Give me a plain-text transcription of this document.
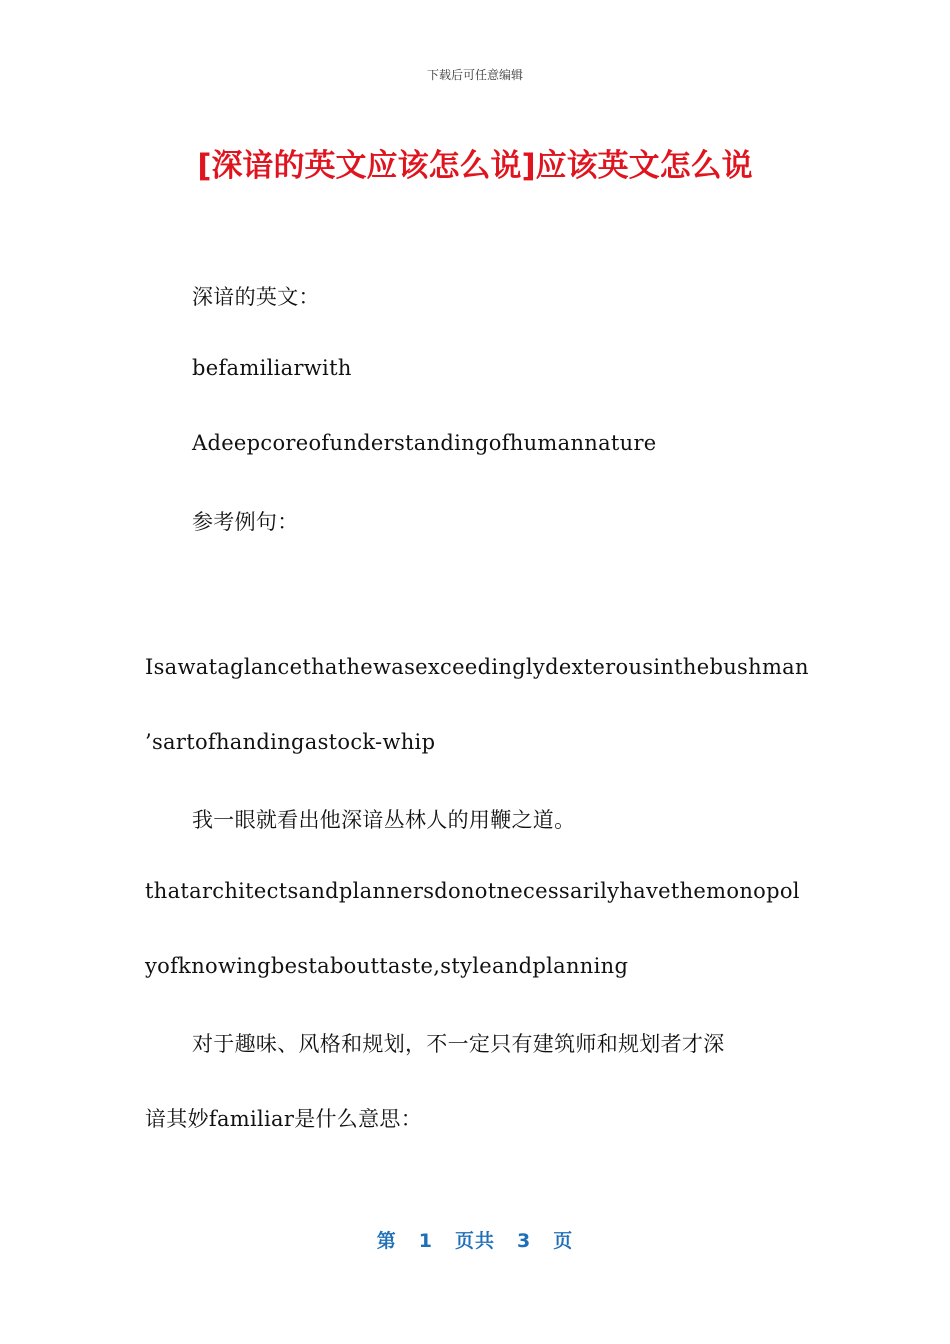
下载后可任意编辑
[深谙的英文应该怎么说]应该英文怎么说

深谙的英文：

befamiliarwith

Adeepcoreofunderstandingofhumannature

参考例句：

Isawataglancethathewasexceedinglydexterousinthebushman

’sartofhandingastock-whip

我一眼就看出他深谙丛林人的用鞭之道。

thatarchitectsandplannersdonotnecessarilyhavethemonopol

yofknowingbestabouttaste,styleandplanning

对于趣味、风格和规划，不一定只有建筑师和规划者才深

谙其妙familiar是什么意思：

第 1 页共 3 页
